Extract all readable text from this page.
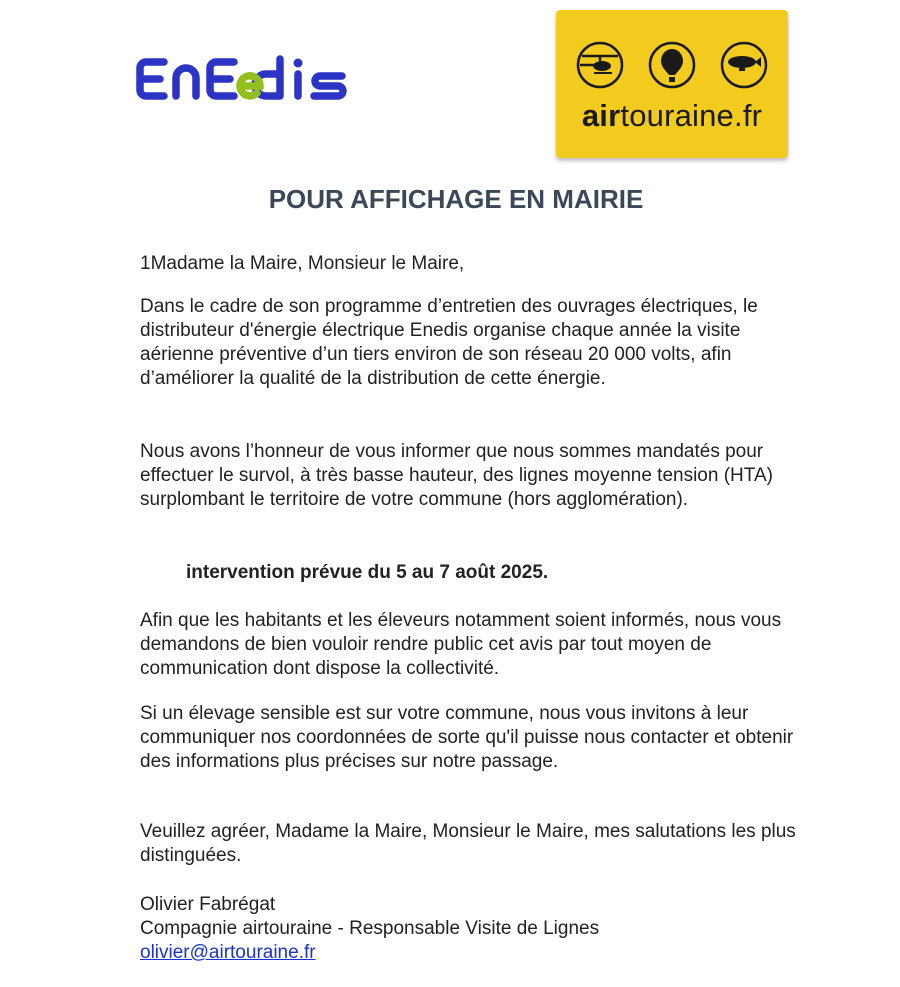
airtouraine.fr
POUR AFFICHAGE EN MAIRIE
1Madame la Maire, Monsieur le Maire,
Dans le cadre de son programme d’entretien des ouvrages électriques, le distributeur d'énergie électrique Enedis organise chaque année la visite aérienne préventive d’un tiers environ de son réseau 20 000 volts, afin d’améliorer la qualité de la distribution de cette énergie.
Nous avons l’honneur de vous informer que nous sommes mandatés pour effectuer le survol, à très basse hauteur, des lignes moyenne tension (HTA) surplombant le territoire de votre commune (hors agglomération).
intervention prévue du 5 au 7 août 2025.
Afin que les habitants et les éleveurs notamment soient informés, nous vous demandons de bien vouloir rendre public cet avis par tout moyen de communication dont dispose la collectivité.
Si un élevage sensible est sur votre commune, nous vous invitons à leur communiquer nos coordonnées de sorte qu'il puisse nous contacter et obtenir des informations plus précises sur notre passage.
Veuillez agréer, Madame la Maire, Monsieur le Maire, mes salutations les plus distinguées.
Olivier Fabrégat
Compagnie airtouraine - Responsable Visite de Lignes
olivier@airtouraine.fr
